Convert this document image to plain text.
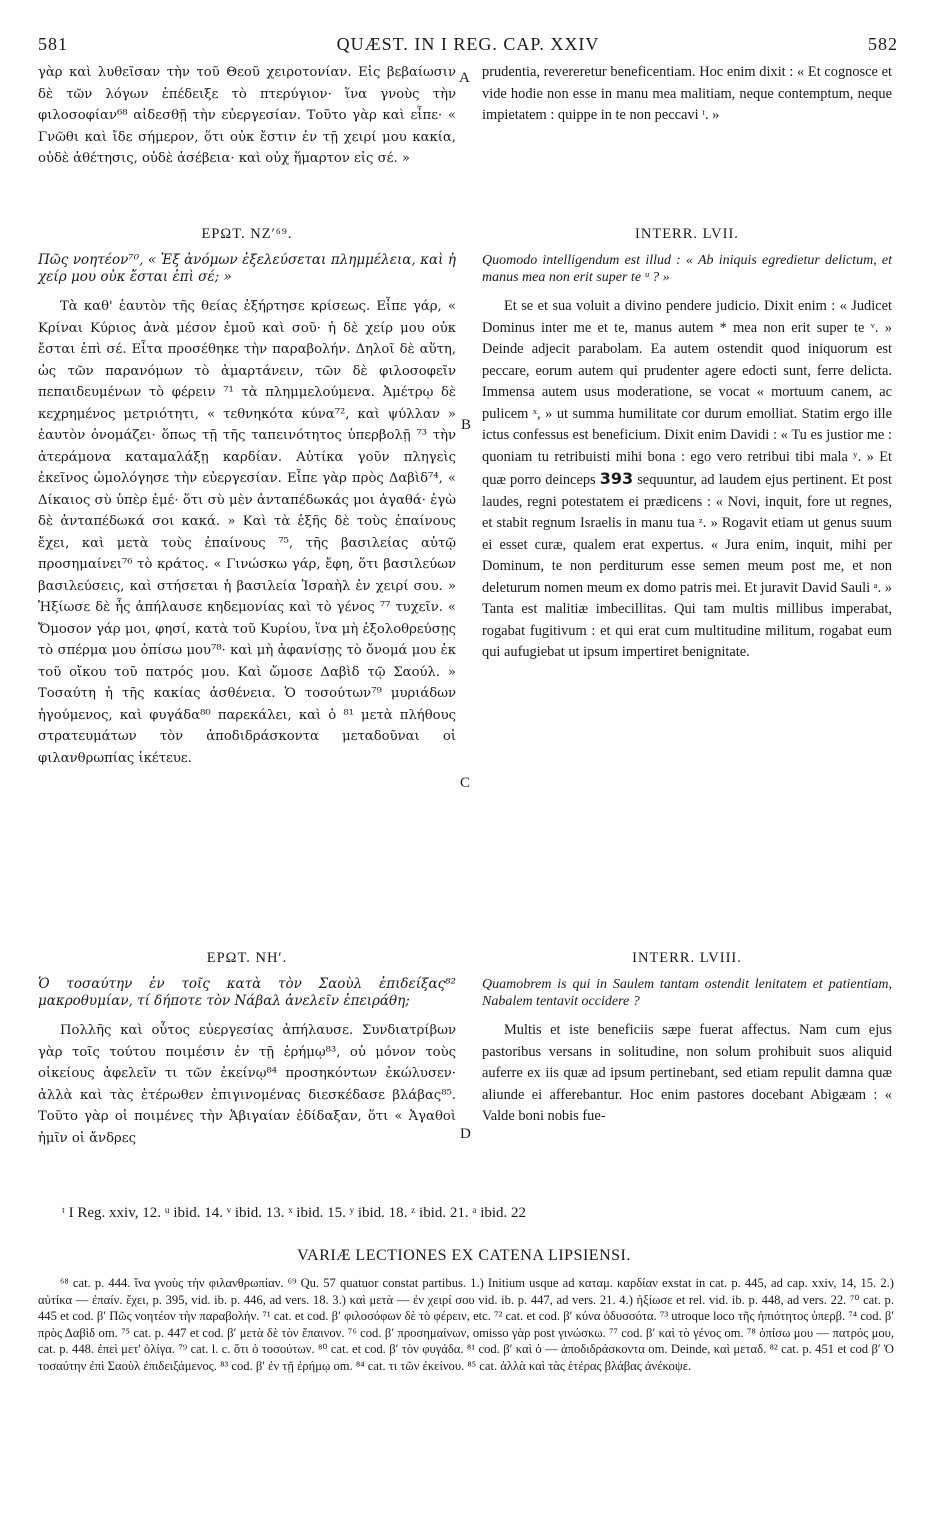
581	QUÆST. IN I REG. CAP. XXIV	582
A
B
C
D

γὰρ καὶ λυθεῖσαν τὴν τοῦ Θεοῦ χειροτονίαν. Εἰς βεβαίωσιν δὲ τῶν λόγων ἐπέδειξε τὸ πτερύγιον· ἵνα γνοὺς τὴν φιλοσοφίαν⁶⁸ αἰδεσθῇ τὴν εὐεργεσίαν. Τοῦτο γὰρ καὶ εἶπε· « Γνῶθι καὶ ἴδε σήμερον, ὅτι οὐκ ἔστιν ἐν τῇ χειρί μου κακία, οὐδὲ ἀθέτησις, οὐδὲ ἀσέβεια· καὶ οὐχ ἥμαρτον εἰς σέ. »

ΕΡΩΤ. ΝΖ′⁶⁹.

Πῶς νοητέον⁷⁰, « Ἐξ ἀνόμων ἐξελεύσεται πλημμέλεια, καὶ ἡ χείρ μου οὐκ ἔσται ἐπὶ σέ; »

Τὰ καθ' ἑαυτὸν τῆς θείας ἐξήρτησε κρίσεως. Εἶπε γάρ, « Κρίναι Κύριος ἀνὰ μέσον ἐμοῦ καὶ σοῦ· ἡ δὲ χείρ μου οὐκ ἔσται ἐπὶ σέ. Εἶτα προσέθηκε τὴν παραβολήν. Δηλοῖ δὲ αὕτη, ὡς τῶν παρανόμων τὸ ἁμαρτάνειν, τῶν δὲ φιλοσοφεῖν πεπαιδευμένων τὸ φέρειν ⁷¹ τὰ πλημμελούμενα. Ἀμέτρῳ δὲ κεχρημένος μετριότητι, « τεθνηκότα κύνα⁷², καὶ ψύλλαν » ἑαυτὸν ὀνομάζει· ὅπως τῇ τῆς ταπεινότητος ὑπερβολῇ ⁷³ τὴν ἀτεράμονα καταμαλάξῃ καρδίαν. Αὐτίκα γοῦν πληγεὶς ἐκεῖνος ὡμολόγησε τὴν εὐεργεσίαν. Εἶπε γὰρ πρὸς Δαβὶδ⁷⁴, « Δίκαιος σὺ ὑπὲρ ἐμέ· ὅτι σὺ μὲν ἀνταπέδωκάς μοι ἀγαθά· ἐγὼ δὲ ἀνταπέδωκά σοι κακά. » Καὶ τὰ ἑξῆς δὲ τοὺς ἐπαίνους ἔχει, καὶ μετὰ τοὺς ἐπαίνους ⁷⁵, τῆς βασιλείας αὐτῷ προσημαίνει⁷⁶ τὸ κράτος. « Γινώσκω γάρ, ἔφη, ὅτι βασιλεύων βασιλεύσεις, καὶ στήσεται ἡ βασιλεία Ἰσραὴλ ἐν χειρί σου. » Ἠξίωσε δὲ ἧς ἀπήλαυσε κηδεμονίας καὶ τὸ γένος ⁷⁷ τυχεῖν. « Ὄμοσον γάρ μοι, φησί, κατὰ τοῦ Κυρίου, ἵνα μὴ ἐξολοθρεύσῃς τὸ σπέρμα μου ὀπίσω μου⁷⁸· καὶ μὴ ἀφανίσῃς τὸ ὄνομά μου ἐκ τοῦ οἴκου τοῦ πατρός μου. Καὶ ὤμοσε Δαβὶδ τῷ Σαούλ. » Τοσαύτη ἡ τῆς κακίας ἀσθένεια. Ὁ τοσούτων⁷⁹ μυριάδων ἡγούμενος, καὶ φυγάδα⁸⁰ παρεκάλει, καὶ ὁ ⁸¹ μετὰ πλήθους στρατευμάτων τὸν ἀποδιδράσκοντα μεταδοῦναι οἱ φιλανθρωπίας ἱκέτευε.

ΕΡΩΤ. ΝΗ′.

Ὁ τοσαύτην ἐν τοῖς κατὰ τὸν Σαοὺλ ἐπιδείξας⁸² μακροθυμίαν, τί δήποτε τὸν Νάβαλ ἀνελεῖν ἐπειράθη;

Πολλῆς καὶ οὗτος εὐεργεσίας ἀπήλαυσε. Συνδιατρίβων γὰρ τοῖς τούτου ποιμέσιν ἐν τῇ ἐρήμῳ⁸³, οὐ μόνον τοὺς οἰκείους ἀφελεῖν τι τῶν ἐκείνῳ⁸⁴ προσηκόντων ἐκώλυσεν· ἀλλὰ καὶ τὰς ἑτέρωθεν ἐπιγινομένας διεσκέδασε βλάβας⁸⁵. Τοῦτο γὰρ οἱ ποιμένες τὴν Ἀβιγαίαν ἐδίδαξαν, ὅτι « Ἀγαθοὶ ἡμῖν οἱ ἄνδρες

prudentia, revereretur beneficentiam. Hoc enim dixit : « Et cognosce et vide hodie non esse in manu mea malitiam, neque contemptum, neque impietatem : quippe in te non peccavi ᵗ. »

INTERR. LVII.

Quomodo intelligendum est illud : « Ab iniquis egredietur delictum, et manus mea non erit super te ᵘ ? »

Et se et sua voluit a divino pendere judicio. Dixit enim : « Judicet Dominus inter me et te, manus autem * mea non erit super te ᵛ. » Deinde adjecit parabolam. Ea autem ostendit quod iniquorum est peccare, eorum autem qui prudenter agere edocti sunt, ferre delicta. Immensa autem usus moderatione, se vocat « mortuum canem, ac pulicem ˣ, » ut summa humilitate cor durum emolliat. Statim ergo ille ictus confessus est beneficium. Dixit enim Davidi : « Tu es justior me : quoniam tu retribuisti mihi bona : ego vero retribui tibi mala ʸ. » Et quæ porro deinceps 393 sequuntur, ad laudem ejus pertinent. Et post laudes, regni potestatem ei prædicens : « Novi, inquit, fore ut regnes, et stabit regnum Israelis in manu tua ᶻ. » Rogavit etiam ut genus suum ei esset curæ, qualem erat expertus. « Jura enim, inquit, mihi per Dominum, te non perditurum esse semen meum post me, et non deleturum nomen meum ex domo patris mei. Et juravit David Sauli ᵃ. » Tanta est malitiæ imbecillitas. Qui tam multis millibus imperabat, rogabat fugitivum : et qui erat cum multitudine militum, rogabat eum qui aufugiebat ut ipsum impertiret benignitate.

INTERR. LVIII.

Quamobrem is qui in Saulem tantam ostendit lenitatem et patientiam, Nabalem tentavit occidere ?

Multis et iste beneficiis sæpe fuerat affectus. Nam cum ejus pastoribus versans in solitudine, non solum prohibuit suos aliquid auferre ex iis quæ ad ipsum pertinebant, sed etiam repulit damna quæ aliunde ei afferebantur. Hoc enim pastores docebant Abigæam : « Valde boni nobis fue-

ᵗ I Reg. xxiv, 12. ᵘ ibid. 14. ᵛ ibid. 13. ˣ ibid. 15. ʸ ibid. 18. ᶻ ibid. 21. ᵃ ibid. 22
VARIÆ LECTIONES EX CATENA LIPSIENSI.

⁶⁸ cat. p. 444. ἵνα γνοὺς τὴν φιλανθρωπίαν. ⁶⁹ Qu. 57 quatuor constat partibus. 1.) Initium usque ad καταμ. καρδίαν exstat in cat. p. 445, ad cap. xxiv, 14, 15. 2.) αὐτίκα — ἐπαίν. ἔχει, p. 395, vid. ib. p. 446, ad vers. 18. 3.) καὶ μετὰ — ἐν χειρί σου vid. ib. p. 447, ad vers. 21. 4.) ἠξίωσε et rel. vid. ib. p. 448, ad vers. 22. ⁷⁰ cat. p. 445 et cod. β′ Πῶς νοητέον τὴν παραβολήν. ⁷¹ cat. et cod. β′ φιλοσόφων δὲ τὸ φέρειν, etc. ⁷² cat. et cod. β′ κύνα ὀδυσσότα. ⁷³ utroque loco τῆς ἠπιότητος ὑπερβ. ⁷⁴ cod. β′ πρὸς Δαβὶδ om. ⁷⁵ cat. p. 447 et cod. β′ μετὰ δὲ τὸν ἔπαινον. ⁷⁶ cod. β′ προσημαίνων, omisso γὰρ post γινώσκω. ⁷⁷ cod. β′ καὶ τὸ γένος om. ⁷⁸ ὀπίσω μου — πατρός μου, cat. p. 448. ἐπεὶ μετ' ὀλίγα. ⁷⁹ cat. l. c. ὅτι ὁ τοσούτων. ⁸⁰ cat. et cod. β′ τὸν φυγάδα. ⁸¹ cod. β′ καὶ ὁ — ἀποδιδράσκοντα om. Deinde, καὶ μεταδ. ⁸² cat. p. 451 et cod β′ Ὁ τοσαύτην ἐπὶ Σαοὺλ ἐπιδειξάμενος. ⁸³ cod. β′ ἐν τῇ ἐρήμῳ om. ⁸⁴ cat. τι τῶν ἐκείνου. ⁸⁵ cat. ἀλλὰ καὶ τὰς ἑτέρας βλάβας ἀνέκοψε.
